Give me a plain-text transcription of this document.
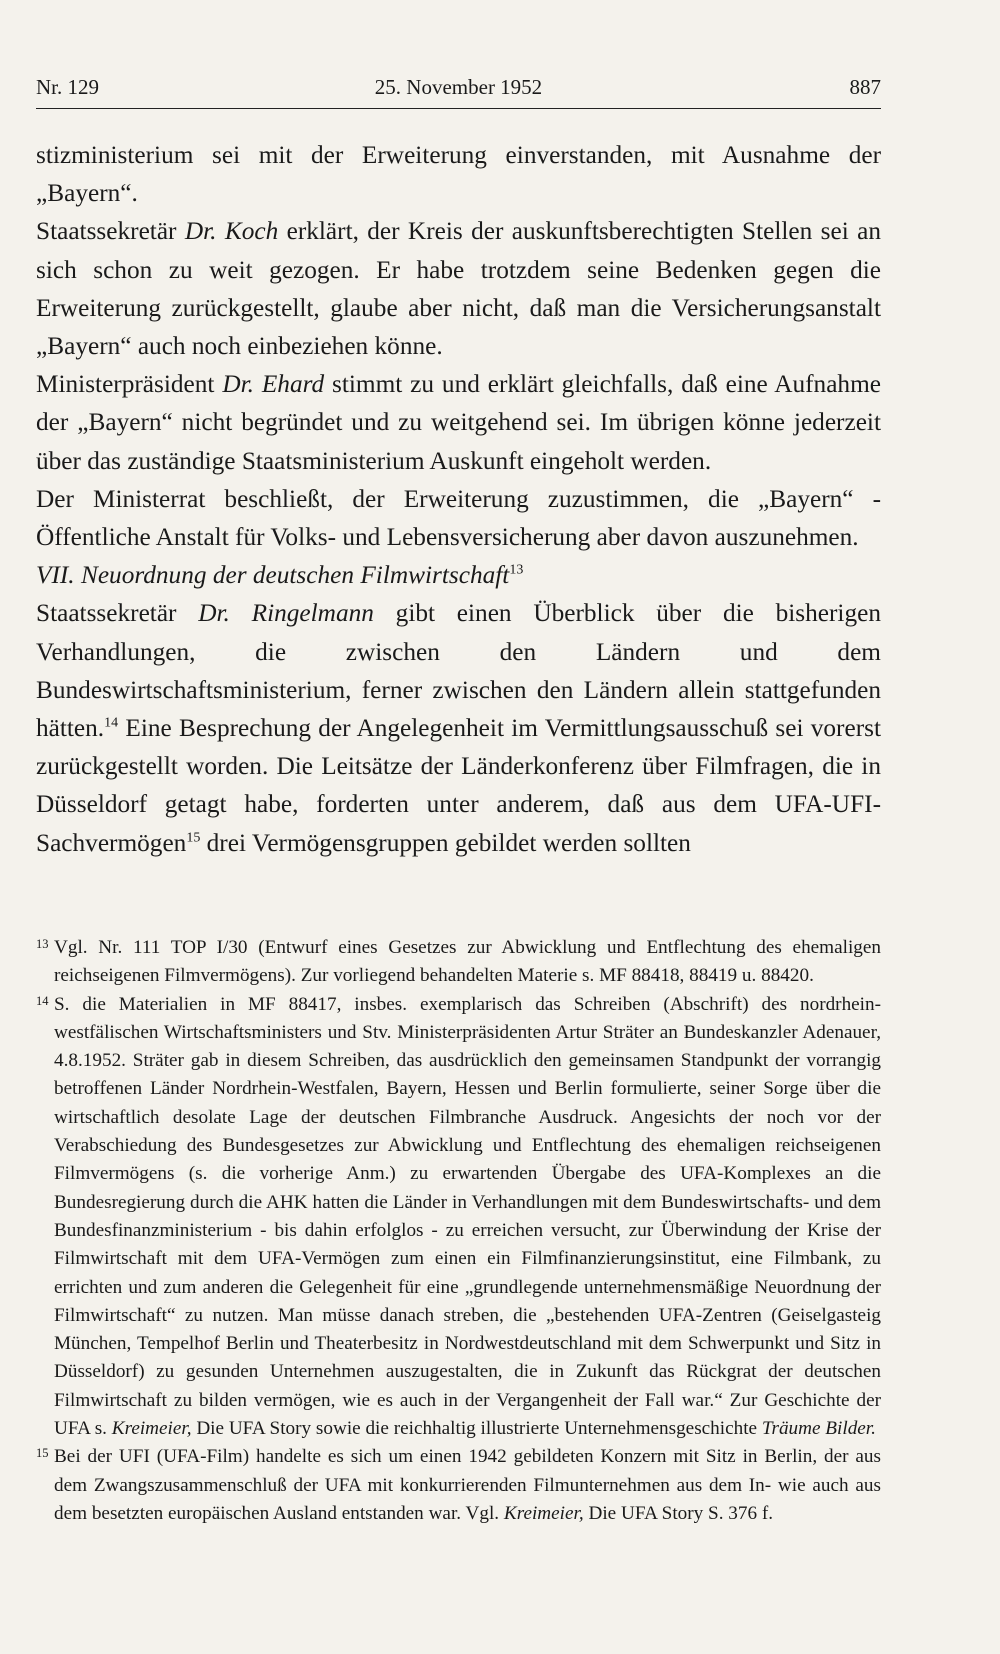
Nr. 129	25. November 1952	887

stizministerium sei mit der Erweiterung einverstanden, mit Ausnahme der „Bayern“.

Staatssekretär Dr. Koch erklärt, der Kreis der auskunftsberechtigten Stellen sei an sich schon zu weit gezogen. Er habe trotzdem seine Bedenken gegen die Erweiterung zurückgestellt, glaube aber nicht, daß man die Versicherungsanstalt „Bayern“ auch noch einbeziehen könne.

Ministerpräsident Dr. Ehard stimmt zu und erklärt gleichfalls, daß eine Aufnahme der „Bayern“ nicht begründet und zu weitgehend sei. Im übrigen könne jederzeit über das zuständige Staatsministerium Auskunft eingeholt werden.

Der Ministerrat beschließt, der Erweiterung zuzustimmen, die „Bayern“ - Öffentliche Anstalt für Volks- und Lebensversicherung aber davon auszunehmen.

VII. Neuordnung der deutschen Filmwirtschaft$^{13}$

Staatssekretär Dr. Ringelmann gibt einen Überblick über die bisherigen Verhandlungen, die zwischen den Ländern und dem Bundeswirtschaftsministerium, ferner zwischen den Ländern allein stattgefunden hätten.$^{14}$ Eine Besprechung der Angelegenheit im Vermittlungsausschuß sei vorerst zurückgestellt worden. Die Leitsätze der Länderkonferenz über Filmfragen, die in Düsseldorf getagt habe, forderten unter anderem, daß aus dem UFA-UFI-Sachvermögen$^{15}$ drei Vermögensgruppen gebildet werden sollten

13 Vgl. Nr. 111 TOP I/30 (Entwurf eines Gesetzes zur Abwicklung und Entflechtung des ehemaligen reichseigenen Filmvermögens). Zur vorliegend behandelten Materie s. MF 88418, 88419 u. 88420.

14 S. die Materialien in MF 88417, insbes. exemplarisch das Schreiben (Abschrift) des nordrhein-westfälischen Wirtschaftsministers und Stv. Ministerpräsidenten Artur Sträter an Bundeskanzler Adenauer, 4.8.1952. Sträter gab in diesem Schreiben, das ausdrücklich den gemeinsamen Standpunkt der vorrangig betroffenen Länder Nordrhein-Westfalen, Bayern, Hessen und Berlin formulierte, seiner Sorge über die wirtschaftlich desolate Lage der deutschen Filmbranche Ausdruck. Angesichts der noch vor der Verabschiedung des Bundesgesetzes zur Abwicklung und Entflechtung des ehemaligen reichseigenen Filmvermögens (s. die vorherige Anm.) zu erwartenden Übergabe des UFA-Komplexes an die Bundesregierung durch die AHK hatten die Länder in Verhandlungen mit dem Bundeswirtschafts- und dem Bundesfinanzministerium - bis dahin erfolglos - zu erreichen versucht, zur Überwindung der Krise der Filmwirtschaft mit dem UFA-Vermögen zum einen ein Filmfinanzierungsinstitut, eine Filmbank, zu errichten und zum anderen die Gelegenheit für eine „grundlegende unternehmensmäßige Neuordnung der Filmwirtschaft“ zu nutzen. Man müsse danach streben, die „bestehenden UFA-Zentren (Geiselgasteig München, Tempelhof Berlin und Theaterbesitz in Nordwestdeutschland mit dem Schwerpunkt und Sitz in Düsseldorf) zu gesunden Unternehmen auszugestalten, die in Zukunft das Rückgrat der deutschen Filmwirtschaft zu bilden vermögen, wie es auch in der Vergangenheit der Fall war.“ Zur Geschichte der UFA s. Kreimeier, Die UFA Story sowie die reichhaltig illustrierte Unternehmensgeschichte Träume Bilder.

15 Bei der UFI (UFA-Film) handelte es sich um einen 1942 gebildeten Konzern mit Sitz in Berlin, der aus dem Zwangszusammenschluß der UFA mit konkurrierenden Filmunternehmen aus dem In- wie auch aus dem besetzten europäischen Ausland entstanden war. Vgl. Kreimeier, Die UFA Story S. 376 f.
